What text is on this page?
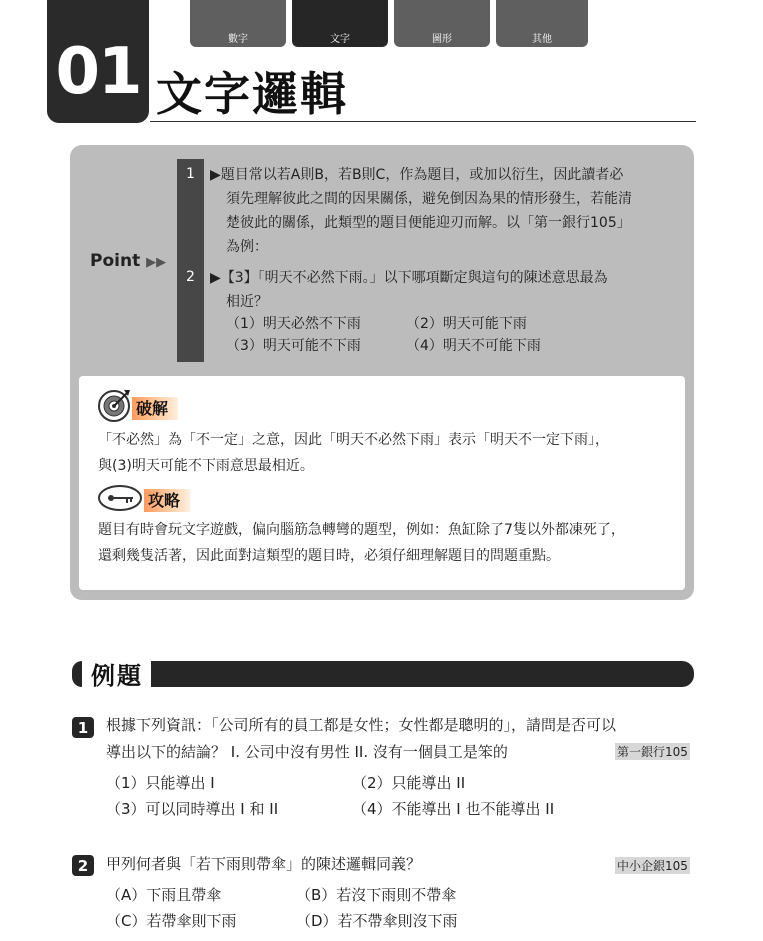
數字	文字	圖形	其他
01 文字邏輯
Point ▶▶
1
2
▶題目常以若A則B，若B則C，作為題目，或加以衍生，因此讀者必
須先理解彼此之間的因果關係，避免倒因為果的情形發生，若能清
楚彼此的關係，此類型的題目便能迎刃而解。以「第一銀行105」
為例：
▶【3】「明天不必然下雨。」以下哪項斷定與這句的陳述意思最為
相近？
（1）明天必然不下雨	（2）明天可能下雨
（3）明天可能不下雨	（4）明天不可能下雨
破解
「不必然」為「不一定」之意，因此「明天不必然下雨」表示「明天不一定下雨」，
與(3)明天可能不下雨意思最相近。
攻略
題目有時會玩文字遊戲，偏向腦筋急轉彎的題型，例如：魚缸除了7隻以外都凍死了，
還剩幾隻活著，因此面對這類型的題目時，必須仔細理解題目的問題重點。
例題
1	根據下列資訊：「公司所有的員工都是女性；女性都是聰明的」，請問是否可以
導出以下的結論？ I. 公司中沒有男性 II. 沒有一個員工是笨的	第一銀行105
（1）只能導出 I	（2）只能導出 II
（3）可以同時導出 I 和 II	（4）不能導出 I 也不能導出 II
2	甲列何者與「若下雨則帶傘」的陳述邏輯同義？	中小企銀105
（A）下雨且帶傘	（B）若沒下雨則不帶傘
（C）若帶傘則下雨	（D）若不帶傘則沒下雨
